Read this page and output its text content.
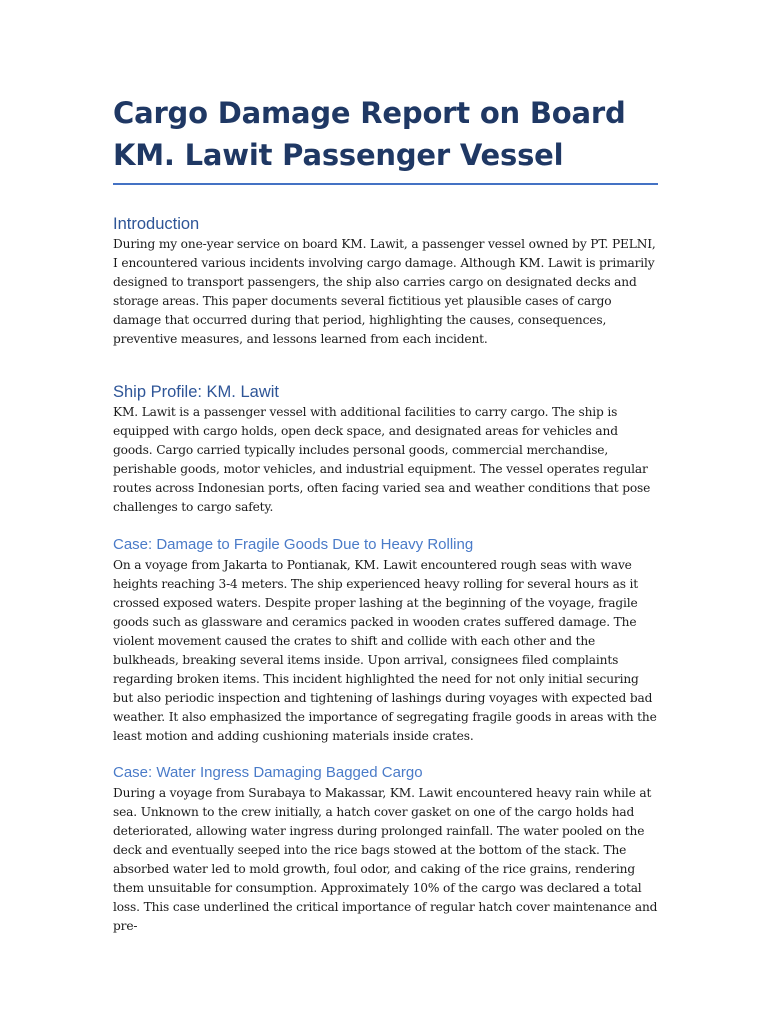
Cargo Damage Report on Board KM. Lawit Passenger Vessel
Introduction

During my one-year service on board KM. Lawit, a passenger vessel owned by PT. PELNI, I encountered various incidents involving cargo damage. Although KM. Lawit is primarily designed to transport passengers, the ship also carries cargo on designated decks and storage areas. This paper documents several fictitious yet plausible cases of cargo damage that occurred during that period, highlighting the causes, consequences, preventive measures, and lessons learned from each incident.

Ship Profile: KM. Lawit

KM. Lawit is a passenger vessel with additional facilities to carry cargo. The ship is equipped with cargo holds, open deck space, and designated areas for vehicles and goods. Cargo carried typically includes personal goods, commercial merchandise, perishable goods, motor vehicles, and industrial equipment. The vessel operates regular routes across Indonesian ports, often facing varied sea and weather conditions that pose challenges to cargo safety.

Case: Damage to Fragile Goods Due to Heavy Rolling

On a voyage from Jakarta to Pontianak, KM. Lawit encountered rough seas with wave heights reaching 3-4 meters. The ship experienced heavy rolling for several hours as it crossed exposed waters. Despite proper lashing at the beginning of the voyage, fragile goods such as glassware and ceramics packed in wooden crates suffered damage. The violent movement caused the crates to shift and collide with each other and the bulkheads, breaking several items inside. Upon arrival, consignees filed complaints regarding broken items. This incident highlighted the need for not only initial securing but also periodic inspection and tightening of lashings during voyages with expected bad weather. It also emphasized the importance of segregating fragile goods in areas with the least motion and adding cushioning materials inside crates.

Case: Water Ingress Damaging Bagged Cargo

During a voyage from Surabaya to Makassar, KM. Lawit encountered heavy rain while at sea. Unknown to the crew initially, a hatch cover gasket on one of the cargo holds had deteriorated, allowing water ingress during prolonged rainfall. The water pooled on the deck and eventually seeped into the rice bags stowed at the bottom of the stack. The absorbed water led to mold growth, foul odor, and caking of the rice grains, rendering them unsuitable for consumption. Approximately 10% of the cargo was declared a total loss. This case underlined the critical importance of regular hatch cover maintenance and pre-
